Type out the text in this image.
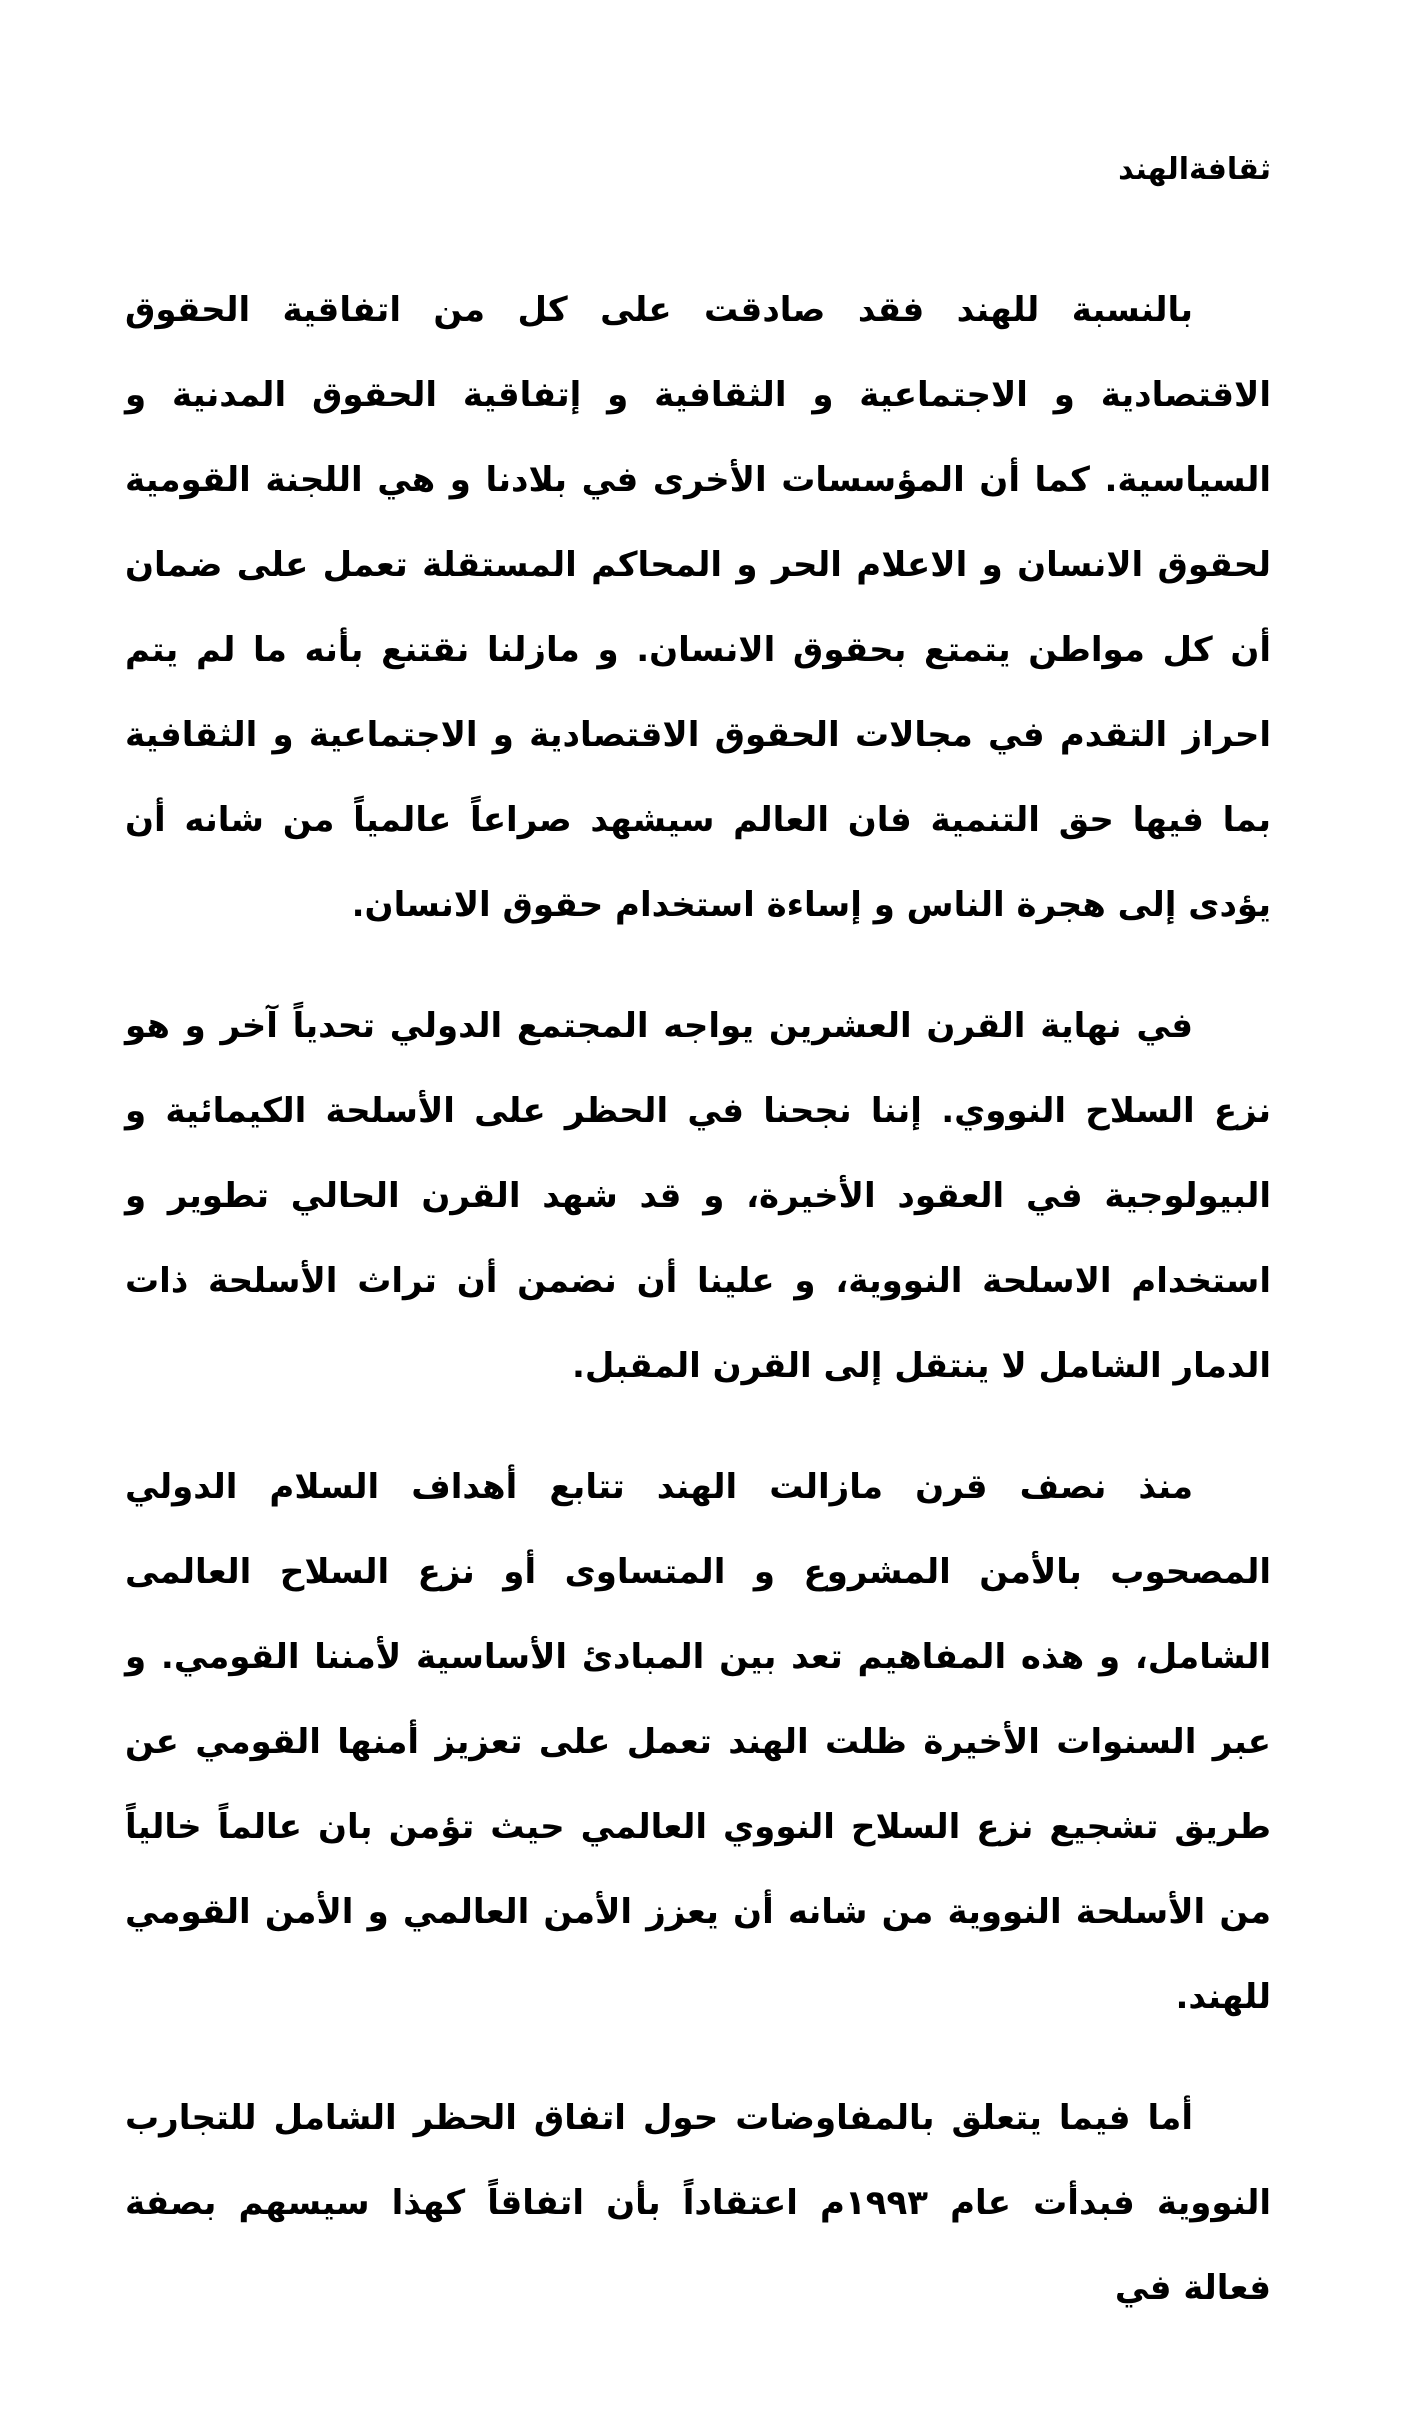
ثقافةالهند

بالنسبة للهند فقد صادقت على كل من اتفاقية الحقوق الاقتصادية و الاجتماعية و الثقافية و إتفاقية الحقوق المدنية و السياسية. كما أن المؤسسات الأخرى في بلادنا و هي اللجنة القومية لحقوق الانسان و الاعلام الحر و المحاكم المستقلة تعمل على ضمان أن كل مواطن يتمتع بحقوق الانسان. و مازلنا نقتنع بأنه ما لم يتم احراز التقدم في مجالات الحقوق الاقتصادية و الاجتماعية و الثقافية بما فيها حق التنمية فان العالم سيشهد صراعاً عالمياً من شانه أن يؤدى إلى هجرة الناس و إساءة استخدام حقوق الانسان.

في نهاية القرن العشرين يواجه المجتمع الدولي تحدياً آخر و هو نزع السلاح النووي. إننا نجحنا في الحظر على الأسلحة الكيمائية و البيولوجية في العقود الأخيرة، و قد شهد القرن الحالي تطوير و استخدام الاسلحة النووية، و علينا أن نضمن أن تراث الأسلحة ذات الدمار الشامل لا ينتقل إلى القرن المقبل.

منذ نصف قرن مازالت الهند تتابع أهداف السلام الدولي المصحوب بالأمن المشروع و المتساوى أو نزع السلاح العالمى الشامل، و هذه المفاهيم تعد بين المبادئ الأساسية لأمننا القومي. و عبر السنوات الأخيرة ظلت الهند تعمل على تعزيز أمنها القومي عن طريق تشجيع نزع السلاح النووي العالمي حيث تؤمن بان عالماً خالياً من الأسلحة النووية من شانه أن يعزز الأمن العالمي و الأمن القومي للهند.

أما فيما يتعلق بالمفاوضات حول اتفاق الحظر الشامل للتجارب النووية فبدأت عام ١٩٩٣م اعتقاداً بأن اتفاقاً كهذا سيسهم بصفة فعالة في
